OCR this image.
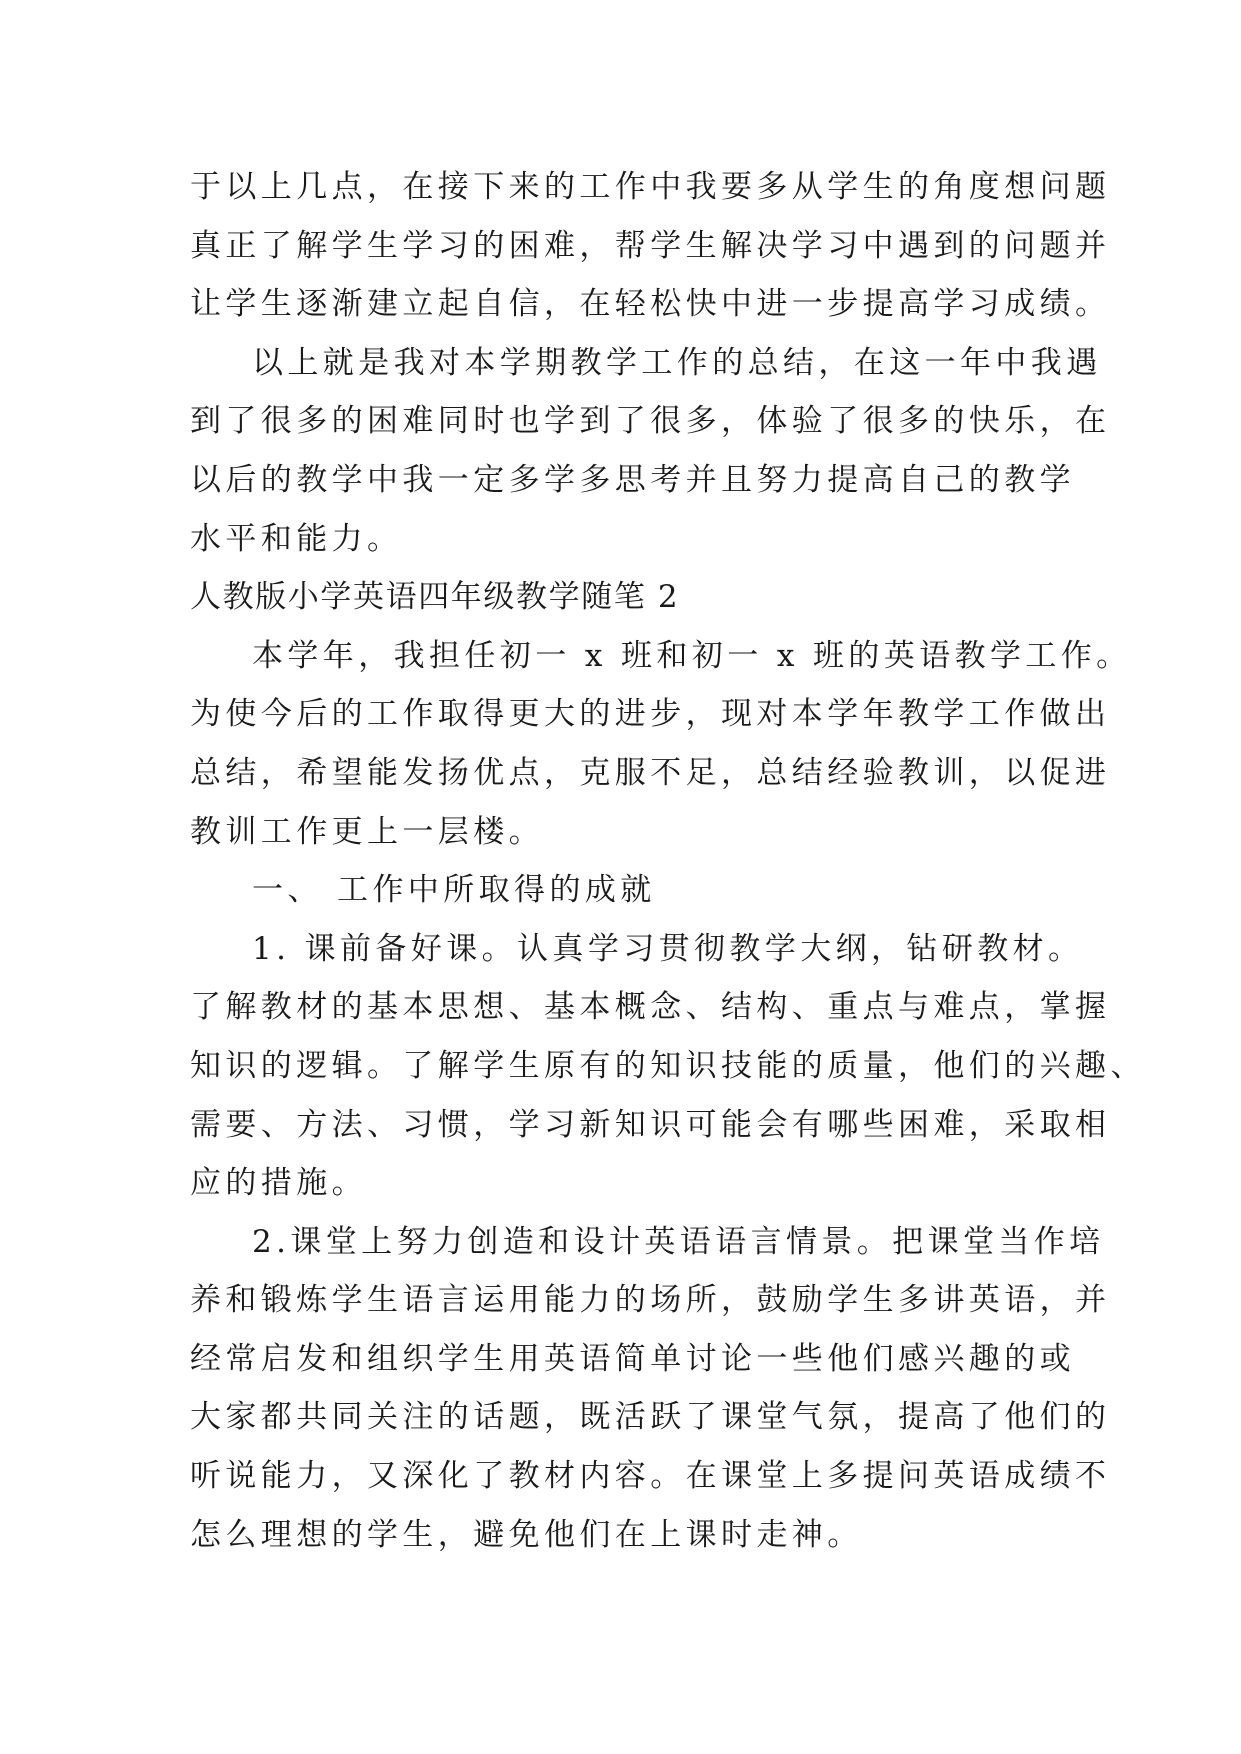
于以上几点，在接下来的工作中我要多从学生的角度想问题
真正了解学生学习的困难，帮学生解决学习中遇到的问题并
让学生逐渐建立起自信，在轻松快中进一步提高学习成绩。
以上就是我对本学期教学工作的总结，在这一年中我遇
到了很多的困难同时也学到了很多，体验了很多的快乐，在
以后的教学中我一定多学多思考并且努力提高自己的教学
水平和能力。
人教版小学英语四年级教学随笔 2
本学年，我担任初一 x 班和初一 x 班的英语教学工作。
为使今后的工作取得更大的进步，现对本学年教学工作做出
总结，希望能发扬优点，克服不足，总结经验教训，以促进
教训工作更上一层楼。
一、 工作中所取得的成就
1. 课前备好课。认真学习贯彻教学大纲，钻研教材。
了解教材的基本思想、基本概念、结构、重点与难点，掌握
知识的逻辑。了解学生原有的知识技能的质量，他们的兴趣、
需要、方法、习惯，学习新知识可能会有哪些困难，采取相
应的措施。
2.课堂上努力创造和设计英语语言情景。把课堂当作培
养和锻炼学生语言运用能力的场所，鼓励学生多讲英语，并
经常启发和组织学生用英语简单讨论一些他们感兴趣的或
大家都共同关注的话题，既活跃了课堂气氛，提高了他们的
听说能力，又深化了教材内容。在课堂上多提问英语成绩不
怎么理想的学生，避免他们在上课时走神。
